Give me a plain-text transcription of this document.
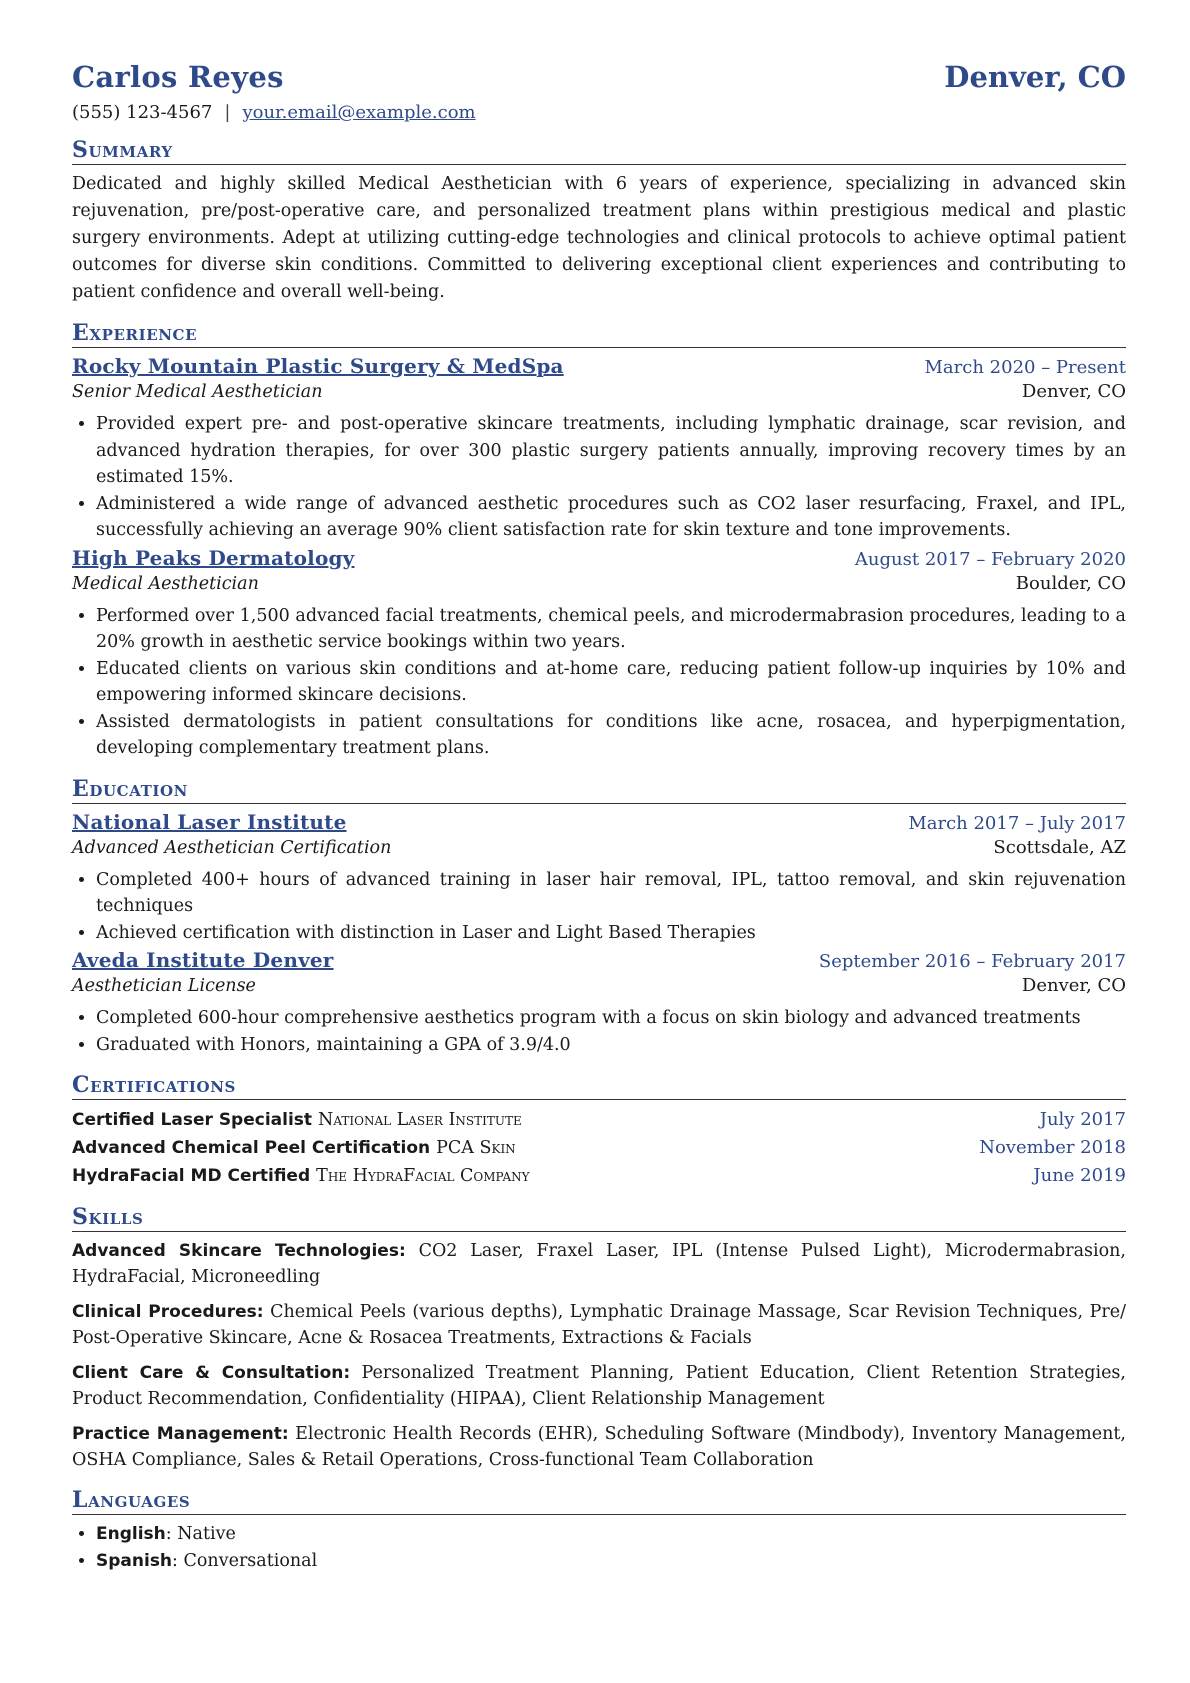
Carlos Reyes	Denver, CO
(555) 123-4567 | your.email@example.com
Summary
Dedicated and highly skilled Medical Aesthetician with 6 years of experience, specializing in advanced skin rejuvenation, pre/post-operative care, and personalized treatment plans within prestigious medical and plastic surgery environments. Adept at utilizing cutting-edge technologies and clinical protocols to achieve optimal patient outcomes for diverse skin conditions. Committed to delivering exceptional client experiences and contributing to patient confidence and overall well-being.
Experience
Rocky Mountain Plastic Surgery & MedSpa	March 2020 – Present
Senior Medical Aesthetician	Denver, CO
• Provided expert pre- and post-operative skincare treatments, including lymphatic drainage, scar revision, and advanced hydration therapies, for over 300 plastic surgery patients annually, improving recovery times by an estimated 15%.
• Administered a wide range of advanced aesthetic procedures such as CO2 laser resurfacing, Fraxel, and IPL, successfully achieving an average 90% client satisfaction rate for skin texture and tone improvements.
High Peaks Dermatology	August 2017 – February 2020
Medical Aesthetician	Boulder, CO
• Performed over 1,500 advanced facial treatments, chemical peels, and microdermabrasion procedures, leading to a 20% growth in aesthetic service bookings within two years.
• Educated clients on various skin conditions and at-home care, reducing patient follow-up inquiries by 10% and empowering informed skincare decisions.
• Assisted dermatologists in patient consultations for conditions like acne, rosacea, and hyperpigmentation, developing complementary treatment plans.
Education
National Laser Institute	March 2017 – July 2017
Advanced Aesthetician Certification	Scottsdale, AZ
• Completed 400+ hours of advanced training in laser hair removal, IPL, tattoo removal, and skin rejuvenation techniques
• Achieved certification with distinction in Laser and Light Based Therapies
Aveda Institute Denver	September 2016 – February 2017
Aesthetician License	Denver, CO
• Completed 600-hour comprehensive aesthetics program with a focus on skin biology and advanced treatments
• Graduated with Honors, maintaining a GPA of 3.9/4.0
Certifications
Certified Laser Specialist National Laser Institute	July 2017
Advanced Chemical Peel Certification PCA Skin	November 2018
HydraFacial MD Certified The HydraFacial Company	June 2019
Skills
Advanced Skincare Technologies: CO2 Laser, Fraxel Laser, IPL (Intense Pulsed Light), Microdermabrasion, HydraFacial, Microneedling
Clinical Procedures: Chemical Peels (various depths), Lymphatic Drainage Massage, Scar Revision Techniques, Pre/ Post-Operative Skincare, Acne & Rosacea Treatments, Extractions & Facials
Client Care & Consultation: Personalized Treatment Planning, Patient Education, Client Retention Strategies, Product Recommendation, Confidentiality (HIPAA), Client Relationship Management
Practice Management: Electronic Health Records (EHR), Scheduling Software (Mindbody), Inventory Management, OSHA Compliance, Sales & Retail Operations, Cross-functional Team Collaboration
Languages
• English: Native
• Spanish: Conversational
